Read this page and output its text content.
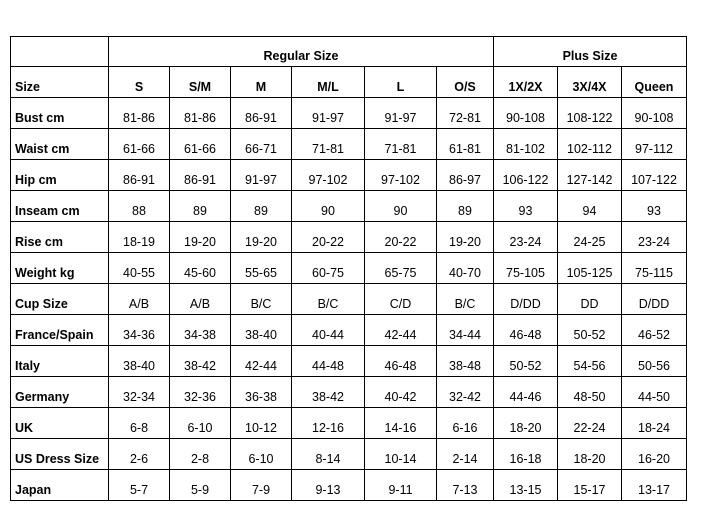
	Regular Size						Plus Size		
Size	S	S/M	M	M/L	L	O/S	1X/2X	3X/4X	Queen
Bust cm	81-86	81-86	86-91	91-97	91-97	72-81	90-108	108-122	90-108
Waist cm	61-66	61-66	66-71	71-81	71-81	61-81	81-102	102-112	97-112
Hip cm	86-91	86-91	91-97	97-102	97-102	86-97	106-122	127-142	107-122
Inseam cm	88	89	89	90	90	89	93	94	93
Rise cm	18-19	19-20	19-20	20-22	20-22	19-20	23-24	24-25	23-24
Weight kg	40-55	45-60	55-65	60-75	65-75	40-70	75-105	105-125	75-115
Cup Size	A/B	A/B	B/C	B/C	C/D	B/C	D/DD	DD	D/DD
France/Spain	34-36	34-38	38-40	40-44	42-44	34-44	46-48	50-52	46-52
Italy	38-40	38-42	42-44	44-48	46-48	38-48	50-52	54-56	50-56
Germany	32-34	32-36	36-38	38-42	40-42	32-42	44-46	48-50	44-50
UK	6-8	6-10	10-12	12-16	14-16	6-16	18-20	22-24	18-24
US Dress Size	2-6	2-8	6-10	8-14	10-14	2-14	16-18	18-20	16-20
Japan	5-7	5-9	7-9	9-13	9-11	7-13	13-15	15-17	13-17
